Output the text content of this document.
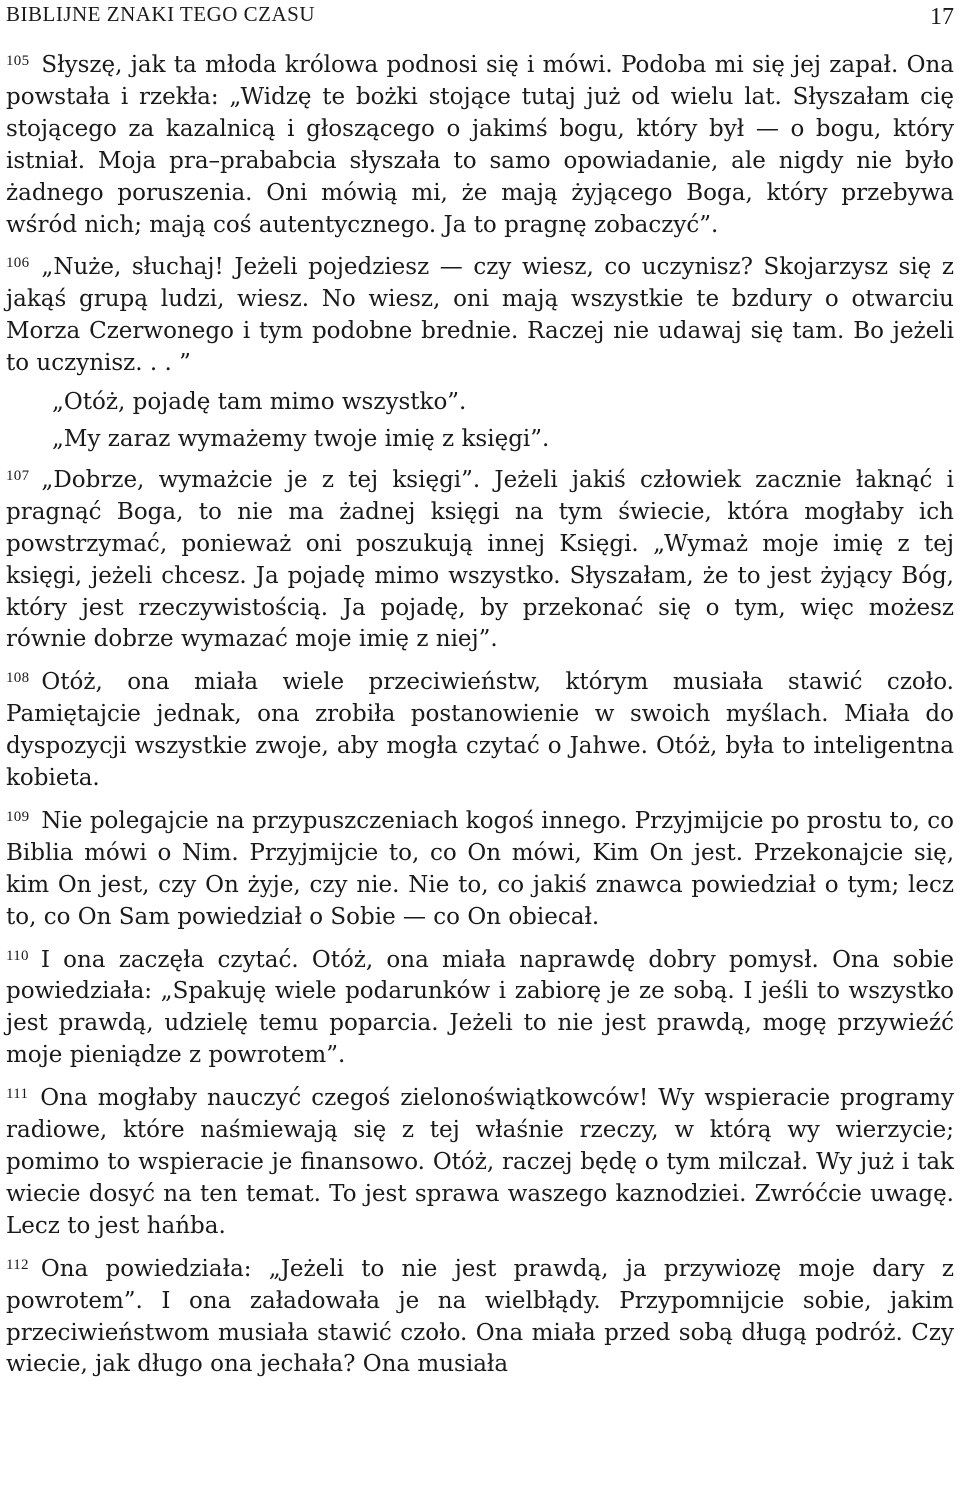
BIBLIJNE ZNAKI TEGO CZASU	17

$^{105}$ Słyszę, jak ta młoda królowa podnosi się i mówi. Podoba mi się jej zapał. Ona powstała i rzekła: „Widzę te bożki stojące tutaj już od wielu lat. Słyszałam cię stojącego za kazalnicą i głoszącego o jakimś bogu, który był — o bogu, który istniał. Moja pra–prababcia słyszała to samo opowiadanie, ale nigdy nie było żadnego poruszenia. Oni mówią mi, że mają żyjącego Boga, który przebywa wśród nich; mają coś autentycznego. Ja to pragnę zobaczyć”.

$^{106}$ „Nuże, słuchaj! Jeżeli pojedziesz — czy wiesz, co uczynisz? Skojarzysz się z jakąś grupą ludzi, wiesz. No wiesz, oni mają wszystkie te bzdury o otwarciu Morza Czerwonego i tym podobne brednie. Raczej nie udawaj się tam. Bo jeżeli to uczynisz. . . ”

„Otóż, pojadę tam mimo wszystko”.

„My zaraz wymażemy twoje imię z księgi”.

$^{107}$ „Dobrze, wymażcie je z tej księgi”. Jeżeli jakiś człowiek zacznie łaknąć i pragnąć Boga, to nie ma żadnej księgi na tym świecie, która mogłaby ich powstrzymać, ponieważ oni poszukują innej Księgi. „Wymaż moje imię z tej księgi, jeżeli chcesz. Ja pojadę mimo wszystko. Słyszałam, że to jest żyjący Bóg, który jest rzeczywistością. Ja pojadę, by przekonać się o tym, więc możesz równie dobrze wymazać moje imię z niej”.

$^{108}$ Otóż, ona miała wiele przeciwieństw, którym musiała stawić czoło. Pamiętajcie jednak, ona zrobiła postanowienie w swoich myślach. Miała do dyspozycji wszystkie zwoje, aby mogła czytać o Jahwe. Otóż, była to inteligentna kobieta.

$^{109}$ Nie polegajcie na przypuszczeniach kogoś innego. Przyjmijcie po prostu to, co Biblia mówi o Nim. Przyjmijcie to, co On mówi, Kim On jest. Przekonajcie się, kim On jest, czy On żyje, czy nie. Nie to, co jakiś znawca powiedział o tym; lecz to, co On Sam powiedział o Sobie — co On obiecał.

$^{110}$ I ona zaczęła czytać. Otóż, ona miała naprawdę dobry pomysł. Ona sobie powiedziała: „Spakuję wiele podarunków i zabiorę je ze sobą. I jeśli to wszystko jest prawdą, udzielę temu poparcia. Jeżeli to nie jest prawdą, mogę przywieźć moje pieniądze z powrotem”.

$^{111}$ Ona mogłaby nauczyć czegoś zielonoświątkowców! Wy wspieracie programy radiowe, które naśmiewają się z tej właśnie rzeczy, w którą wy wierzycie; pomimo to wspieracie je finansowo. Otóż, raczej będę o tym milczał. Wy już i tak wiecie dosyć na ten temat. To jest sprawa waszego kaznodziei. Zwróćcie uwagę. Lecz to jest hańba.

$^{112}$ Ona powiedziała: „Jeżeli to nie jest prawdą, ja przywiozę moje dary z powrotem”. I ona załadowała je na wielbłądy. Przypomnijcie sobie, jakim przeciwieństwom musiała stawić czoło. Ona miała przed sobą długą podróż. Czy wiecie, jak długo ona jechała? Ona musiała
